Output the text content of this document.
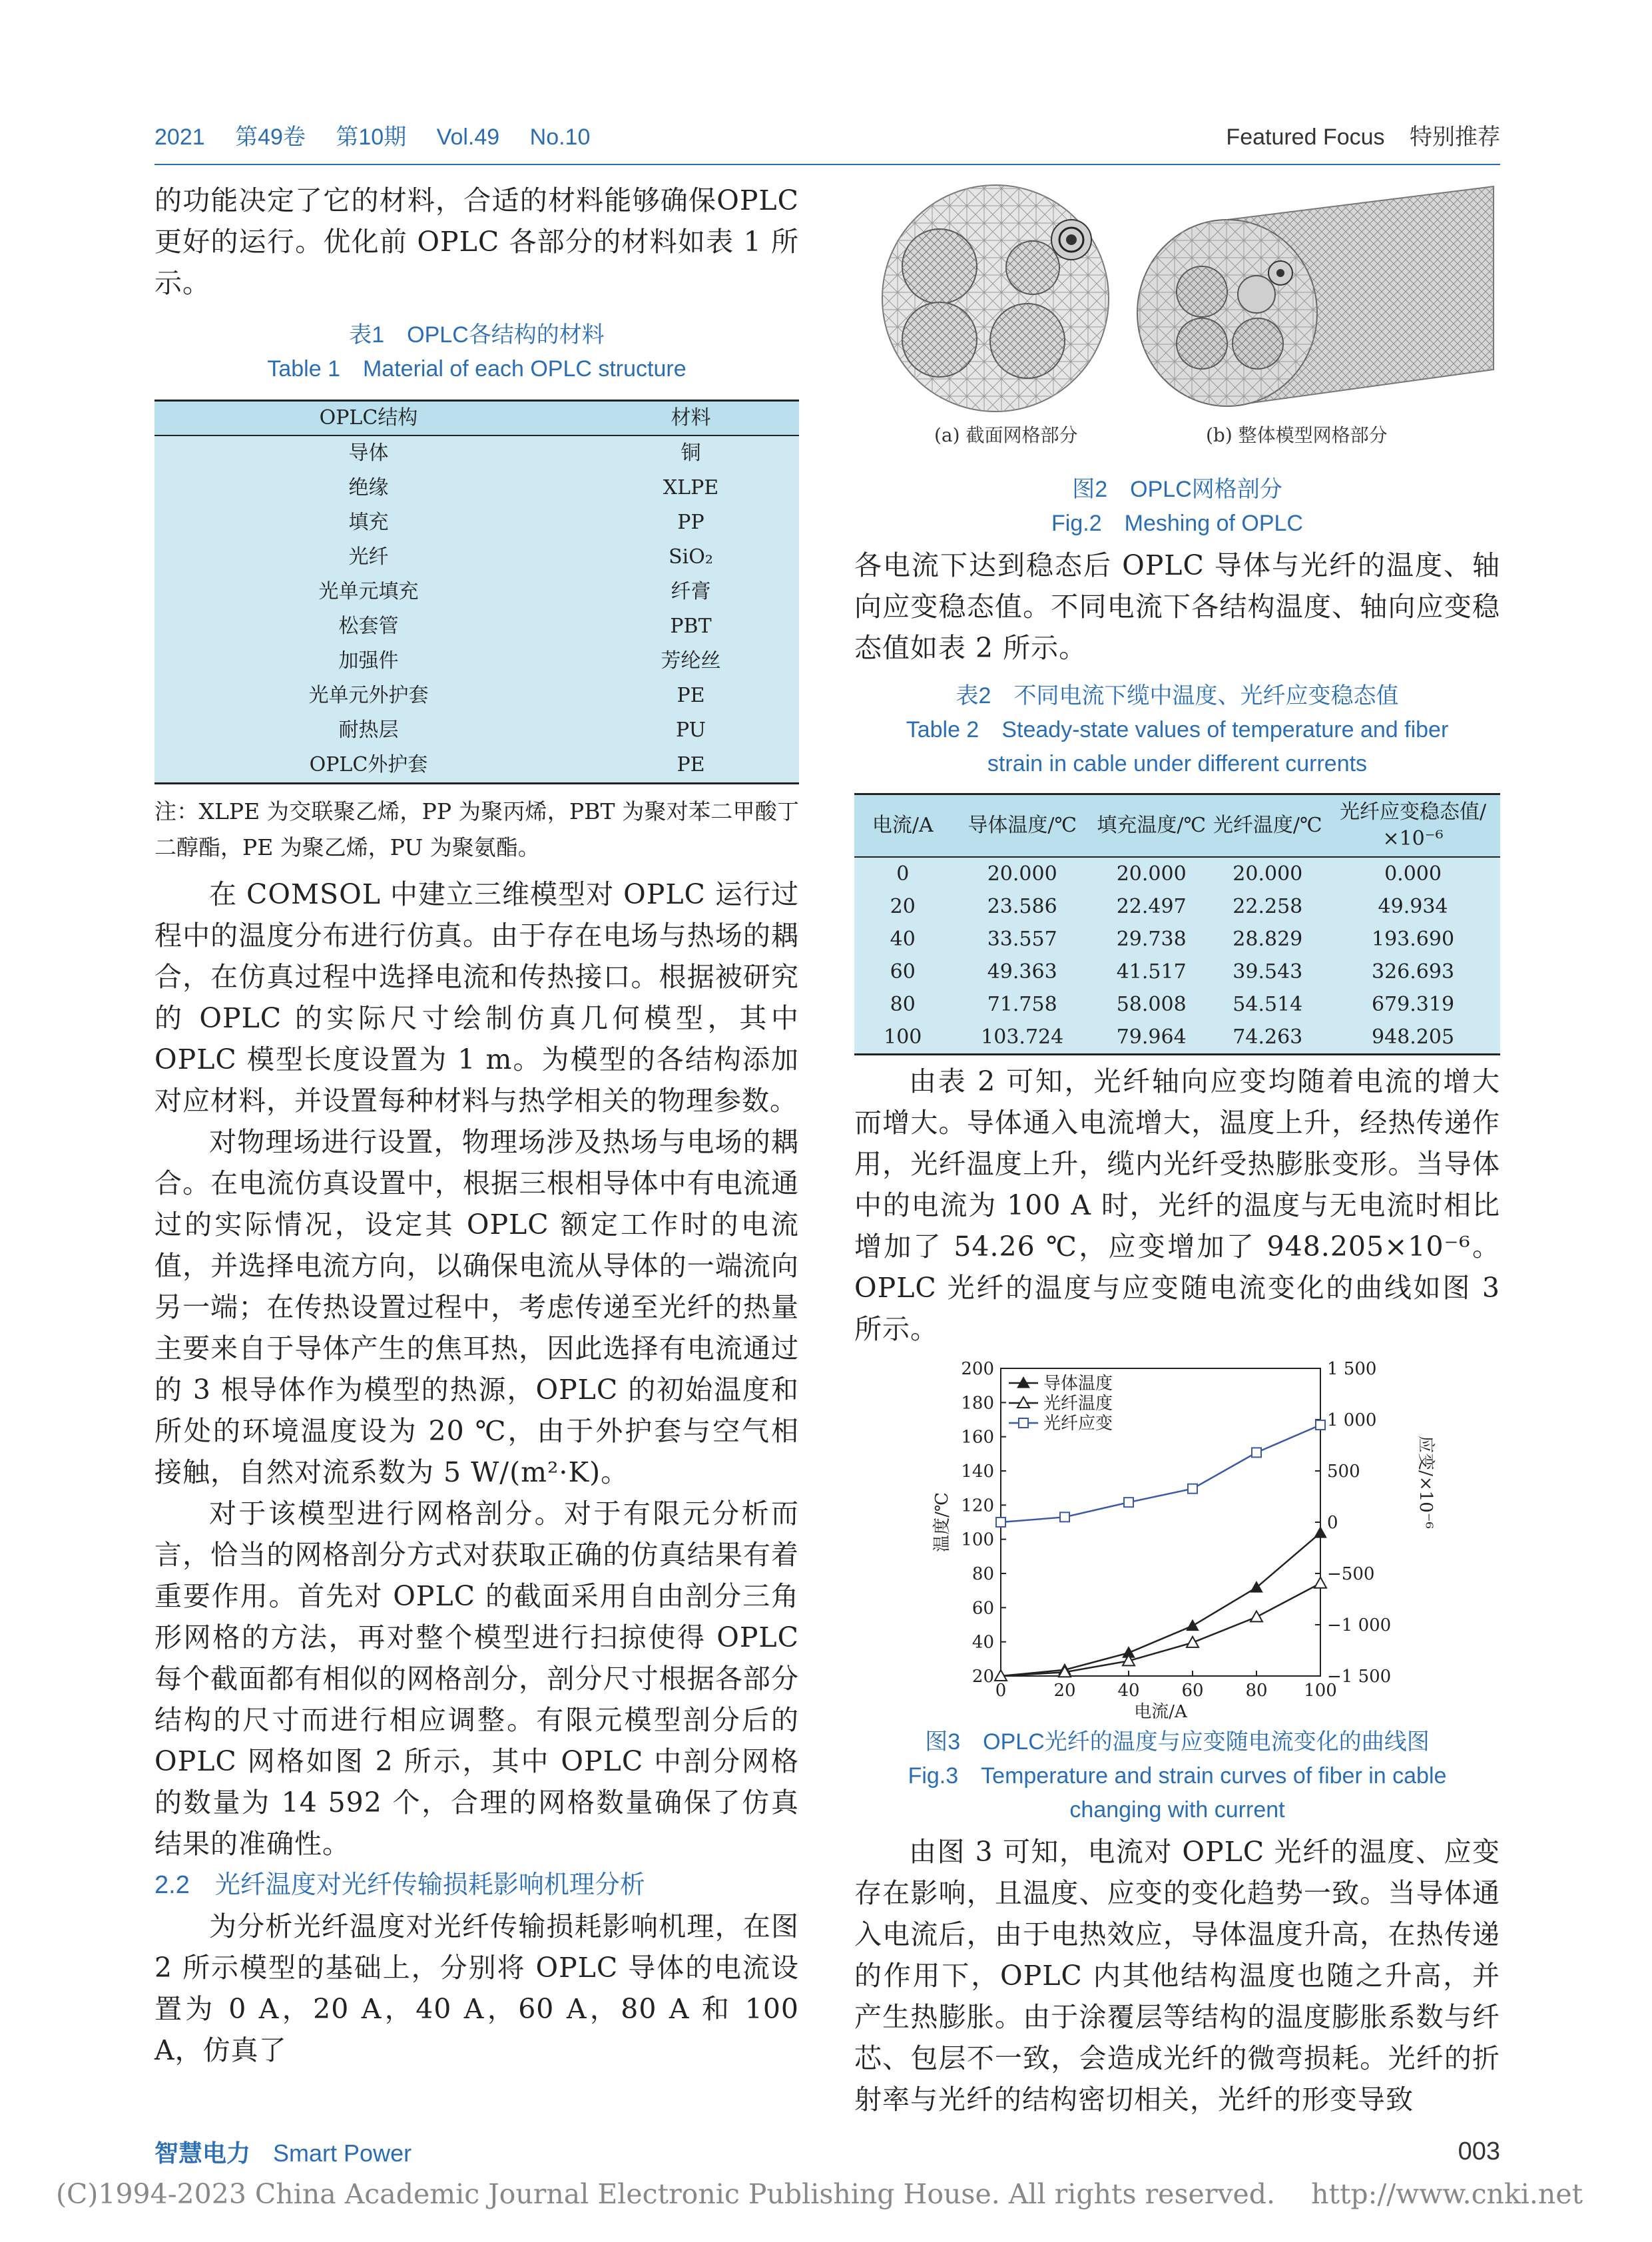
2021 第49卷 第10期 Vol.49 No.10	Featured Focus 特别推荐

的功能决定了它的材料，合适的材料能够确保OPLC 更好的运行。优化前 OPLC 各部分的材料如表 1 所示。

表1　OPLC各结构的材料

Table 1　Material of each OPLC structure

OPLC结构	材料
导体	铜
绝缘	XLPE
填充	PP
光纤	SiO₂
光单元填充	纤膏
松套管	PBT
加强件	芳纶丝
光单元外护套	PE
耐热层	PU
OPLC外护套	PE

注：XLPE 为交联聚乙烯，PP 为聚丙烯，PBT 为聚对苯二甲酸丁二醇酯，PE 为聚乙烯，PU 为聚氨酯。

在 COMSOL 中建立三维模型对 OPLC 运行过程中的温度分布进行仿真。由于存在电场与热场的耦合，在仿真过程中选择电流和传热接口。根据被研究的 OPLC 的实际尺寸绘制仿真几何模型，其中 OPLC 模型长度设置为 1 m。为模型的各结构添加对应材料，并设置每种材料与热学相关的物理参数。

对物理场进行设置，物理场涉及热场与电场的耦合。在电流仿真设置中，根据三根相导体中有电流通过的实际情况，设定其 OPLC 额定工作时的电流值，并选择电流方向，以确保电流从导体的一端流向另一端；在传热设置过程中，考虑传递至光纤的热量主要来自于导体产生的焦耳热，因此选择有电流通过的 3 根导体作为模型的热源，OPLC 的初始温度和所处的环境温度设为 20 ℃，由于外护套与空气相接触，自然对流系数为 5 W/(m²·K)。

对于该模型进行网格剖分。对于有限元分析而言，恰当的网格剖分方式对获取正确的仿真结果有着重要作用。首先对 OPLC 的截面采用自由剖分三角形网格的方法，再对整个模型进行扫掠使得 OPLC 每个截面都有相似的网格剖分，剖分尺寸根据各部分结构的尺寸而进行相应调整。有限元模型剖分后的 OPLC 网格如图 2 所示，其中 OPLC 中剖分网格的数量为 14 592 个，合理的网格数量确保了仿真结果的准确性。

2.2　光纤温度对光纤传输损耗影响机理分析

为分析光纤温度对光纤传输损耗影响机理，在图 2 所示模型的基础上，分别将 OPLC 导体的电流设置为 0 A，20 A，40 A，60 A，80 A 和 100 A，仿真了

(a) 截面网格部分	(b) 整体模型网格部分

图2　OPLC网格剖分

Fig.2　Meshing of OPLC

各电流下达到稳态后 OPLC 导体与光纤的温度、轴向应变稳态值。不同电流下各结构温度、轴向应变稳态值如表 2 所示。

表2　不同电流下缆中温度、光纤应变稳态值

Table 2　Steady-state values of temperature and fiber

strain in cable under different currents

电流/A	导体温度/℃	填充温度/℃	光纤温度/℃	光纤应变稳态值/×10⁻⁶
0	20.000	20.000	20.000	0.000
20	23.586	22.497	22.258	49.934
40	33.557	29.738	28.829	193.690
60	49.363	41.517	39.543	326.693
80	71.758	58.008	54.514	679.319
100	103.724	79.964	74.263	948.205

由表 2 可知，光纤轴向应变均随着电流的增大而增大。导体通入电流增大，温度上升，经热传递作用，光纤温度上升，缆内光纤受热膨胀变形。当导体中的电流为 100 A 时，光纤的温度与无电流时相比增加了 54.26 ℃，应变增加了 948.205×10⁻⁶。OPLC 光纤的温度与应变随电流变化的曲线如图 3 所示。

20
40
60
80
100
120
140
160
180
200
−1 500
−1 000
−500
0
500
1 000
1 500
0	20 40 60 80 100
电流/A
温度/℃	应变/×10⁻⁶
导体温度
光纤温度
光纤应变

图3　OPLC光纤的温度与应变随电流变化的曲线图

Fig.3　Temperature and strain curves of fiber in cable

changing with current

由图 3 可知，电流对 OPLC 光纤的温度、应变存在影响，且温度、应变的变化趋势一致。当导体通入电流后，由于电热效应，导体温度升高，在热传递的作用下，OPLC 内其他结构温度也随之升高，并产生热膨胀。由于涂覆层等结构的温度膨胀系数与纤芯、包层不一致，会造成光纤的微弯损耗。光纤的折射率与光纤的结构密切相关，光纤的形变导致

智慧电力 Smart Power	003
(C)1994-2023 China Academic Journal Electronic Publishing House. All rights reserved.　 http://www.cnki.net
